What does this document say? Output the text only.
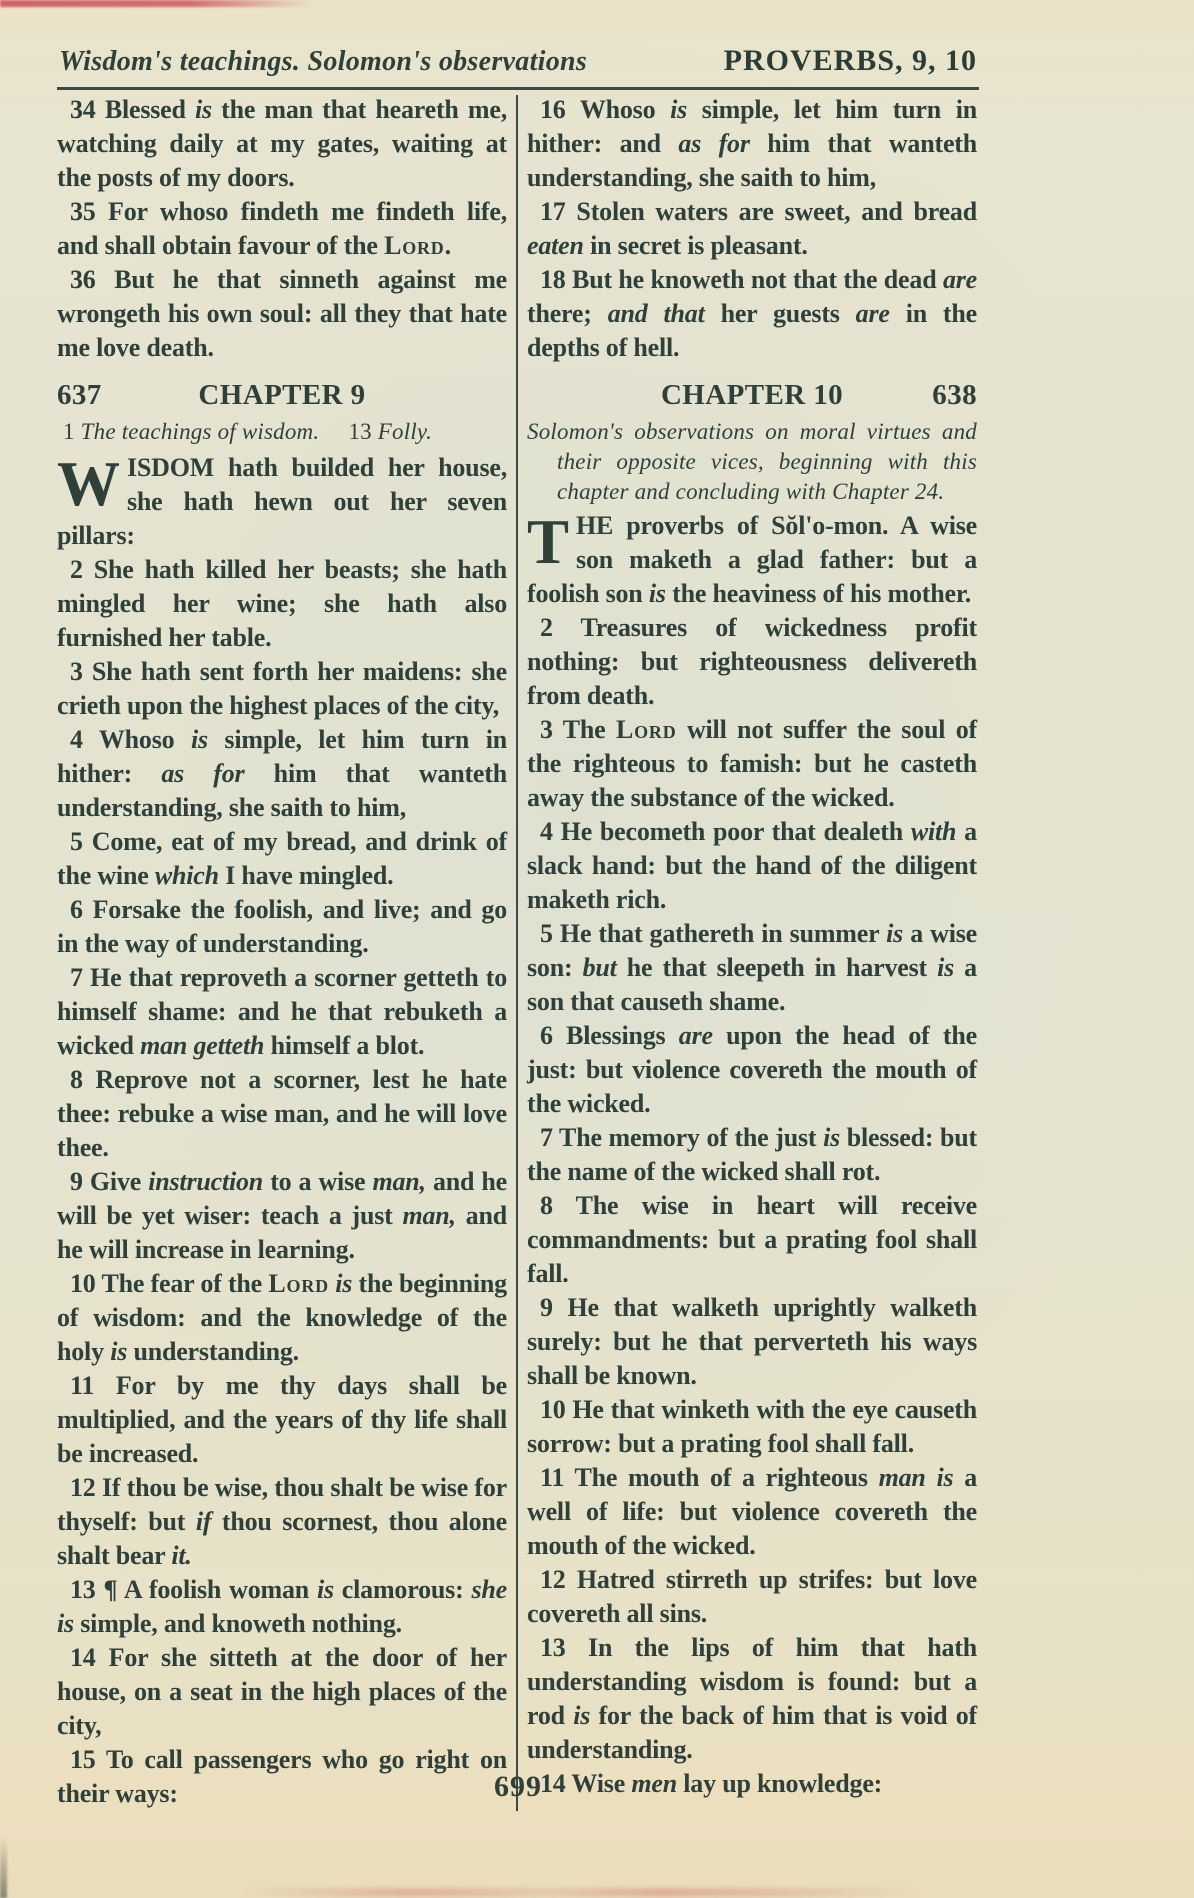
Wisdom's teachings. Solomon's observations	PROVERBS, 9, 10

34 Blessed is the man that heareth me, watching daily at my gates, waiting at the posts of my doors.

35 For whoso findeth me findeth life, and shall obtain favour of the Lord.

36 But he that sinneth against me wrongeth his own soul: all they that hate me love death.

637	CHAPTER 9

1 The teachings of wisdom.  13 Folly.

WISDOM hath builded her house, she hath hewn out her seven pillars:

2 She hath killed her beasts; she hath mingled her wine; she hath also furnished her table.

3 She hath sent forth her maidens: she crieth upon the highest places of the city,

4 Whoso is simple, let him turn in hither: as for him that wanteth understanding, she saith to him,

5 Come, eat of my bread, and drink of the wine which I have mingled.

6 Forsake the foolish, and live; and go in the way of understanding.

7 He that reproveth a scorner getteth to himself shame: and he that rebuketh a wicked man getteth himself a blot.

8 Reprove not a scorner, lest he hate thee: rebuke a wise man, and he will love thee.

9 Give instruction to a wise man, and he will be yet wiser: teach a just man, and he will increase in learning.

10 The fear of the Lord is the beginning of wisdom: and the knowledge of the holy is understanding.

11 For by me thy days shall be multiplied, and the years of thy life shall be increased.

12 If thou be wise, thou shalt be wise for thyself: but if thou scornest, thou alone shalt bear it.

13 ¶ A foolish woman is clamorous: she is simple, and knoweth nothing.

14 For she sitteth at the door of her house, on a seat in the high places of the city,

15 To call passengers who go right on their ways:

16 Whoso is simple, let him turn in hither: and as for him that wanteth understanding, she saith to him,

17 Stolen waters are sweet, and bread eaten in secret is pleasant.

18 But he knoweth not that the dead are there; and that her guests are in the depths of hell.

CHAPTER 10	638

Solomon's observations on moral virtues and their opposite vices, beginning with this chapter and concluding with Chapter 24.

THE proverbs of Sŏl'o-mon. A wise son maketh a glad father: but a foolish son is the heaviness of his mother.

2 Treasures of wickedness profit nothing: but righteousness delivereth from death.

3 The Lord will not suffer the soul of the righteous to famish: but he casteth away the substance of the wicked.

4 He becometh poor that dealeth with a slack hand: but the hand of the diligent maketh rich.

5 He that gathereth in summer is a wise son: but he that sleepeth in harvest is a son that causeth shame.

6 Blessings are upon the head of the just: but violence covereth the mouth of the wicked.

7 The memory of the just is blessed: but the name of the wicked shall rot.

8 The wise in heart will receive commandments: but a prating fool shall fall.

9 He that walketh uprightly walketh surely: but he that perverteth his ways shall be known.

10 He that winketh with the eye causeth sorrow: but a prating fool shall fall.

11 The mouth of a righteous man is a well of life: but violence covereth the mouth of the wicked.

12 Hatred stirreth up strifes: but love covereth all sins.

13 In the lips of him that hath understanding wisdom is found: but a rod is for the back of him that is void of understanding.

14 Wise men lay up knowledge:

699
